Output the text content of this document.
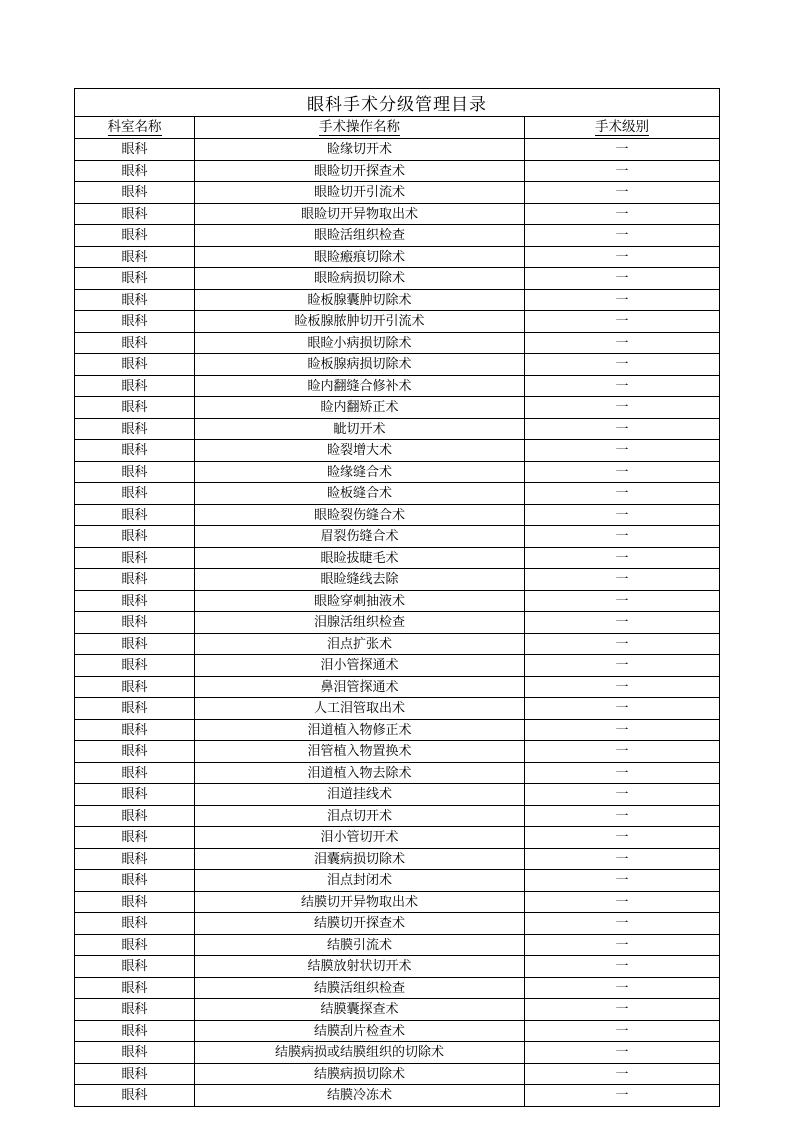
眼科手术分级管理目录		
科室名称	手术操作名称	手术级别
眼科	睑缘切开术	一
眼科	眼睑切开探查术	一
眼科	眼睑切开引流术	一
眼科	眼睑切开异物取出术	一
眼科	眼睑活组织检查	一
眼科	眼睑瘢痕切除术	一
眼科	眼睑病损切除术	一
眼科	睑板腺囊肿切除术	一
眼科	睑板腺脓肿切开引流术	一
眼科	眼睑小病损切除术	一
眼科	睑板腺病损切除术	一
眼科	睑内翻缝合修补术	一
眼科	睑内翻矫正术	一
眼科	眦切开术	一
眼科	睑裂增大术	一
眼科	睑缘缝合术	一
眼科	睑板缝合术	一
眼科	眼睑裂伤缝合术	一
眼科	眉裂伤缝合术	一
眼科	眼睑拔睫毛术	一
眼科	眼睑缝线去除	一
眼科	眼睑穿刺抽液术	一
眼科	泪腺活组织检查	一
眼科	泪点扩张术	一
眼科	泪小管探通术	一
眼科	鼻泪管探通术	一
眼科	人工泪管取出术	一
眼科	泪道植入物修正术	一
眼科	泪管植入物置换术	一
眼科	泪道植入物去除术	一
眼科	泪道挂线术	一
眼科	泪点切开术	一
眼科	泪小管切开术	一
眼科	泪囊病损切除术	一
眼科	泪点封闭术	一
眼科	结膜切开异物取出术	一
眼科	结膜切开探查术	一
眼科	结膜引流术	一
眼科	结膜放射状切开术	一
眼科	结膜活组织检查	一
眼科	结膜囊探查术	一
眼科	结膜刮片检查术	一
眼科	结膜病损或结膜组织的切除术	一
眼科	结膜病损切除术	一
眼科	结膜冷冻术	一
